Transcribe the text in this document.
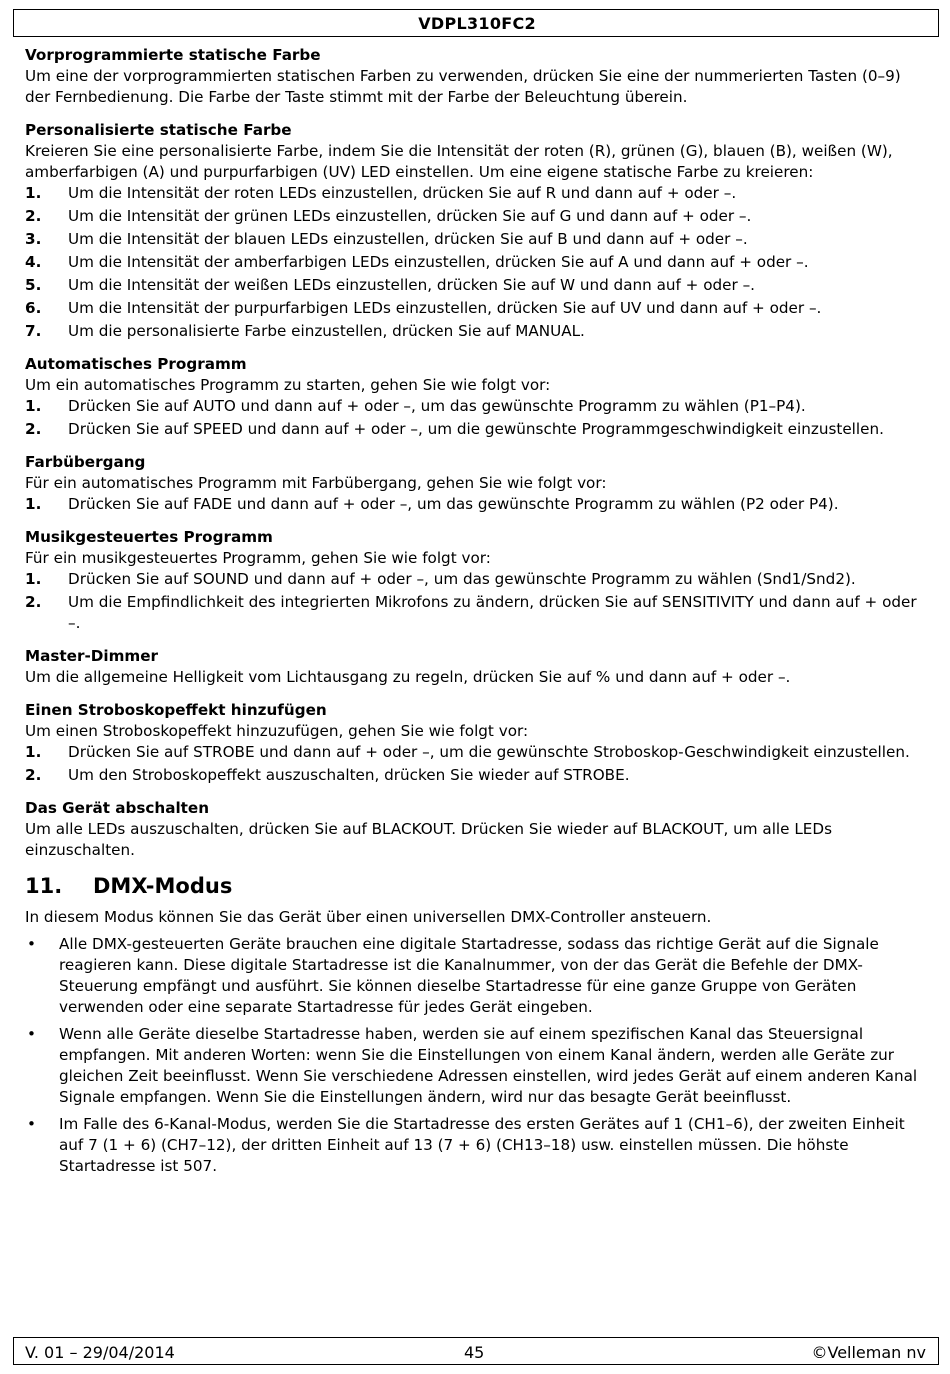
VDPL310FC2

Vorprogrammierte statische Farbe

Um eine der vorprogrammierten statischen Farben zu verwenden, drücken Sie eine der nummerierten Tasten (0–9) der Fernbedienung. Die Farbe der Taste stimmt mit der Farbe der Beleuchtung überein.

Personalisierte statische Farbe

Kreieren Sie eine personalisierte Farbe, indem Sie die Intensität der roten (R), grünen (G), blauen (B), weißen (W), amberfarbigen (A) und purpurfarbigen (UV) LED einstellen. Um eine eigene statische Farbe zu kreieren:

1. Um die Intensität der roten LEDs einzustellen, drücken Sie auf R und dann auf + oder –.
2. Um die Intensität der grünen LEDs einzustellen, drücken Sie auf G und dann auf + oder –.
3. Um die Intensität der blauen LEDs einzustellen, drücken Sie auf B und dann auf + oder –.
4. Um die Intensität der amberfarbigen LEDs einzustellen, drücken Sie auf A und dann auf + oder –.
5. Um die Intensität der weißen LEDs einzustellen, drücken Sie auf W und dann auf + oder –.
6. Um die Intensität der purpurfarbigen LEDs einzustellen, drücken Sie auf UV und dann auf + oder –.
7. Um die personalisierte Farbe einzustellen, drücken Sie auf MANUAL.

Automatisches Programm

Um ein automatisches Programm zu starten, gehen Sie wie folgt vor:

1. Drücken Sie auf AUTO und dann auf + oder –, um das gewünschte Programm zu wählen (P1–P4).
2. Drücken Sie auf SPEED und dann auf + oder –, um die gewünschte Programmgeschwindigkeit einzustellen.

Farbübergang

Für ein automatisches Programm mit Farbübergang, gehen Sie wie folgt vor:

1. Drücken Sie auf FADE und dann auf + oder –, um das gewünschte Programm zu wählen (P2 oder P4).

Musikgesteuertes Programm

Für ein musikgesteuertes Programm, gehen Sie wie folgt vor:

1. Drücken Sie auf SOUND und dann auf + oder –, um das gewünschte Programm zu wählen (Snd1/Snd2).
2. Um die Empfindlichkeit des integrierten Mikrofons zu ändern, drücken Sie auf SENSITIVITY und dann auf + oder –.

Master-Dimmer

Um die allgemeine Helligkeit vom Lichtausgang zu regeln, drücken Sie auf % und dann auf + oder –.

Einen Stroboskopeffekt hinzufügen

Um einen Stroboskopeffekt hinzuzufügen, gehen Sie wie folgt vor:

1. Drücken Sie auf STROBE und dann auf + oder –, um die gewünschte Stroboskop-Geschwindigkeit einzustellen.
2. Um den Stroboskopeffekt auszuschalten, drücken Sie wieder auf STROBE.

Das Gerät abschalten

Um alle LEDs auszuschalten, drücken Sie auf BLACKOUT. Drücken Sie wieder auf BLACKOUT, um alle LEDs einzuschalten.

11.	DMX-Modus

In diesem Modus können Sie das Gerät über einen universellen DMX-Controller ansteuern.

• Alle DMX-gesteuerten Geräte brauchen eine digitale Startadresse, sodass das richtige Gerät auf die Signale reagieren kann. Diese digitale Startadresse ist die Kanalnummer, von der das Gerät die Befehle der DMX-Steuerung empfängt und ausführt. Sie können dieselbe Startadresse für eine ganze Gruppe von Geräten verwenden oder eine separate Startadresse für jedes Gerät eingeben.
• Wenn alle Geräte dieselbe Startadresse haben, werden sie auf einem spezifischen Kanal das Steuersignal empfangen. Mit anderen Worten: wenn Sie die Einstellungen von einem Kanal ändern, werden alle Geräte zur gleichen Zeit beeinflusst. Wenn Sie verschiedene Adressen einstellen, wird jedes Gerät auf einem anderen Kanal Signale empfangen. Wenn Sie die Einstellungen ändern, wird nur das besagte Gerät beeinflusst.
• Im Falle des 6-Kanal-Modus, werden Sie die Startadresse des ersten Gerätes auf 1 (CH1–6), der zweiten Einheit auf 7 (1 + 6) (CH7–12), der dritten Einheit auf 13 (7 + 6) (CH13–18) usw. einstellen müssen. Die höhste Startadresse ist 507.
V. 01 – 29/04/2014	45	©Velleman nv
